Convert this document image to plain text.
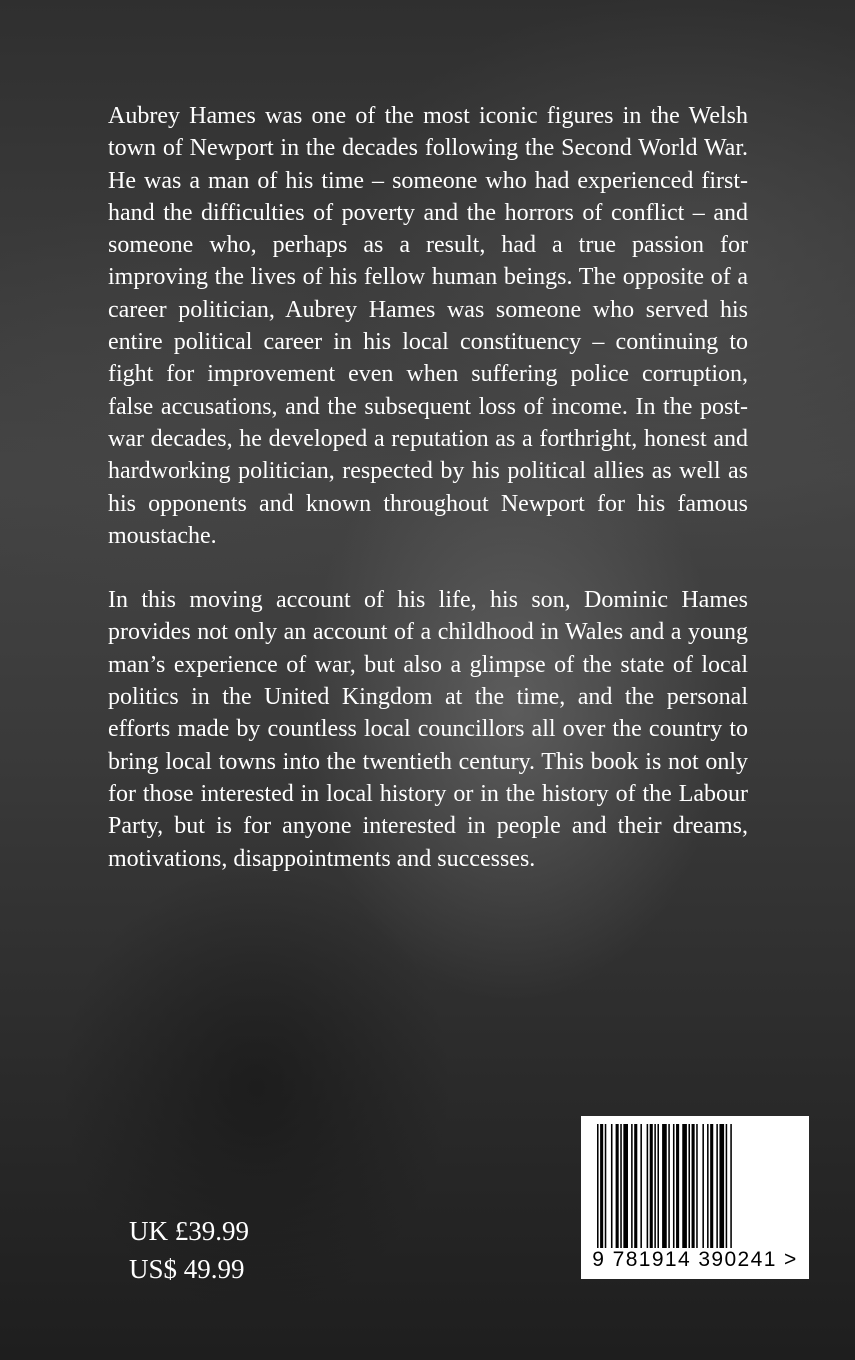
Aubrey Hames was one of the most iconic figures in the Welsh town of Newport in the decades following the Second World War. He was a man of his time – someone who had experienced first-hand the difficulties of poverty and the horrors of conflict – and someone who, perhaps as a result, had a true passion for improving the lives of his fellow human beings. The opposite of a career politician, Aubrey Hames was someone who served his entire political career in his local constituency – continuing to fight for improvement even when suffering police corruption, false accusations, and the subsequent loss of income. In the post-war decades, he developed a reputation as a forthright, honest and hardworking politician, respected by his political allies as well as his opponents and known throughout Newport for his famous moustache.

In this moving account of his life, his son, Dominic Hames provides not only an account of a childhood in Wales and a young man’s experience of war, but also a glimpse of the state of local politics in the United Kingdom at the time, and the personal efforts made by countless local councillors all over the country to bring local towns into the twentieth century. This book is not only for those interested in local history or in the history of the Labour Party, but is for anyone interested in people and their dreams, motivations, disappointments and successes.

UK £39.99
US$ 49.99	9 781914 390241 >
